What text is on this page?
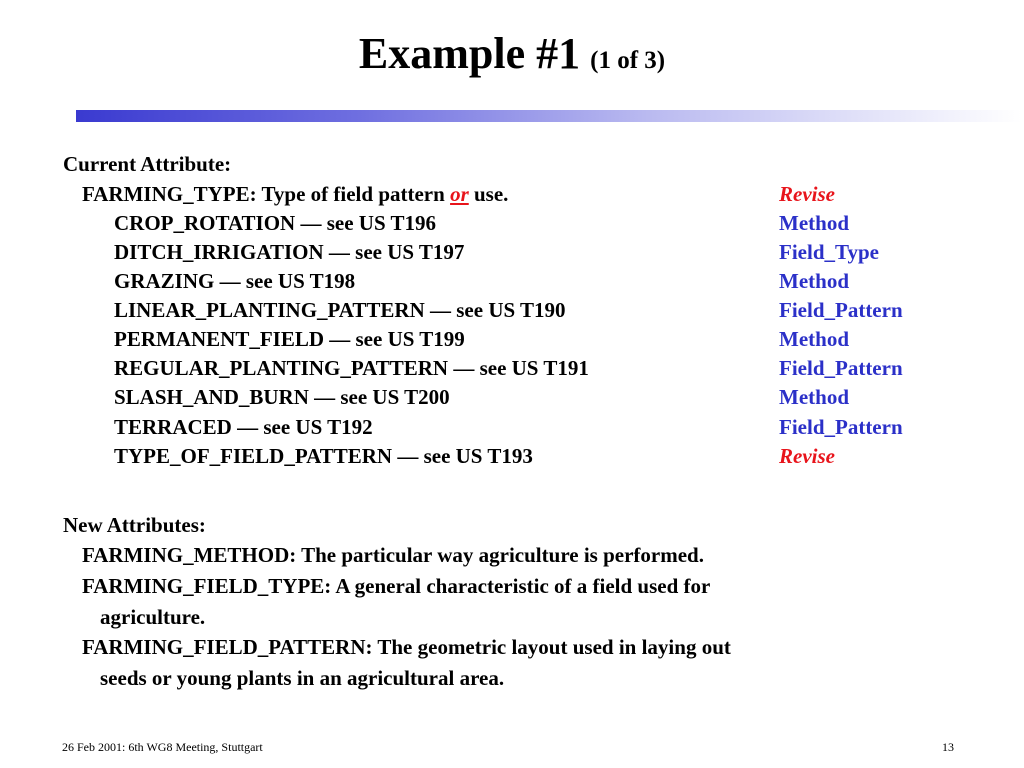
Example #1 (1 of 3)
Current Attribute:
FARMING_TYPE: Type of field pattern or use.	Revise
CROP_ROTATION — see US T196	Method
DITCH_IRRIGATION — see US T197	Field_Type
GRAZING — see US T198	Method
LINEAR_PLANTING_PATTERN — see US T190	Field_Pattern
PERMANENT_FIELD — see US T199	Method
REGULAR_PLANTING_PATTERN — see US T191	Field_Pattern
SLASH_AND_BURN — see US T200	Method
TERRACED — see US T192	Field_Pattern
TYPE_OF_FIELD_PATTERN — see US T193	Revise
New Attributes:
FARMING_METHOD: The particular way agriculture is performed.
FARMING_FIELD_TYPE: A general characteristic of a field used for
agriculture.
FARMING_FIELD_PATTERN: The geometric layout used in laying out
seeds or young plants in an agricultural area.
26 Feb 2001: 6th WG8 Meeting, Stuttgart	13
